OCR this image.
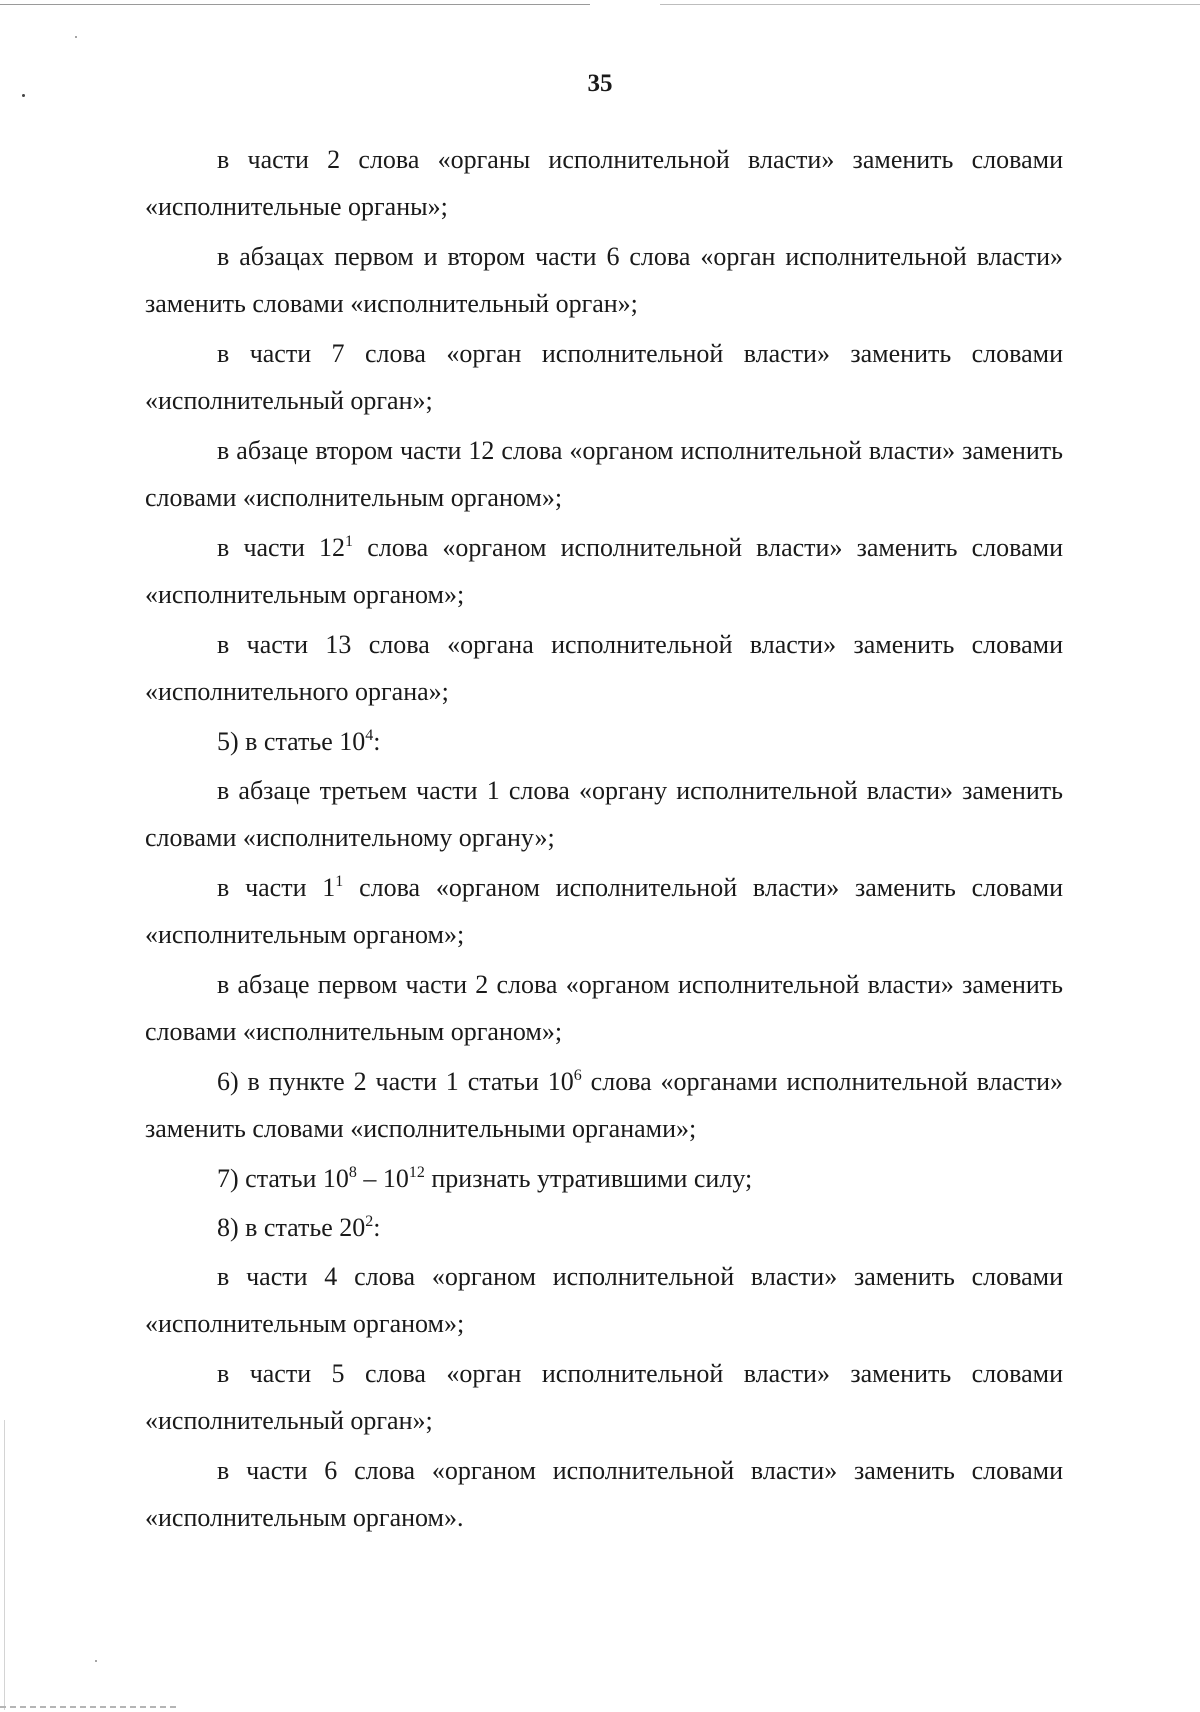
35

в части 2 слова «органы исполнительной власти» заменить словами «исполнительные органы»;

в абзацах первом и втором части 6 слова «орган исполнительной власти» заменить словами «исполнительный орган»;

в части 7 слова «орган исполнительной власти» заменить словами «исполнительный орган»;

в абзаце втором части 12 слова «органом исполнительной власти» заменить словами «исполнительным органом»;

в части $12^1$ слова «органом исполнительной власти» заменить словами «исполнительным органом»;

в части 13 слова «органа исполнительной власти» заменить словами «исполнительного органа»;

5) в статье $10^4$:

в абзаце третьем части 1 слова «органу исполнительной власти» заменить словами «исполнительному органу»;

в части $1^1$ слова «органом исполнительной власти» заменить словами «исполнительным органом»;

в абзаце первом части 2 слова «органом исполнительной власти» заменить словами «исполнительным органом»;

6) в пункте 2 части 1 статьи $10^6$ слова «органами исполнительной власти» заменить словами «исполнительными органами»;

7) статьи $10^8 - 10^{12}$ признать утратившими силу;

8) в статье $20^2$:

в части 4 слова «органом исполнительной власти» заменить словами «исполнительным органом»;

в части 5 слова «орган исполнительной власти» заменить словами «исполнительный орган»;

в части 6 слова «органом исполнительной власти» заменить словами «исполнительным органом».
